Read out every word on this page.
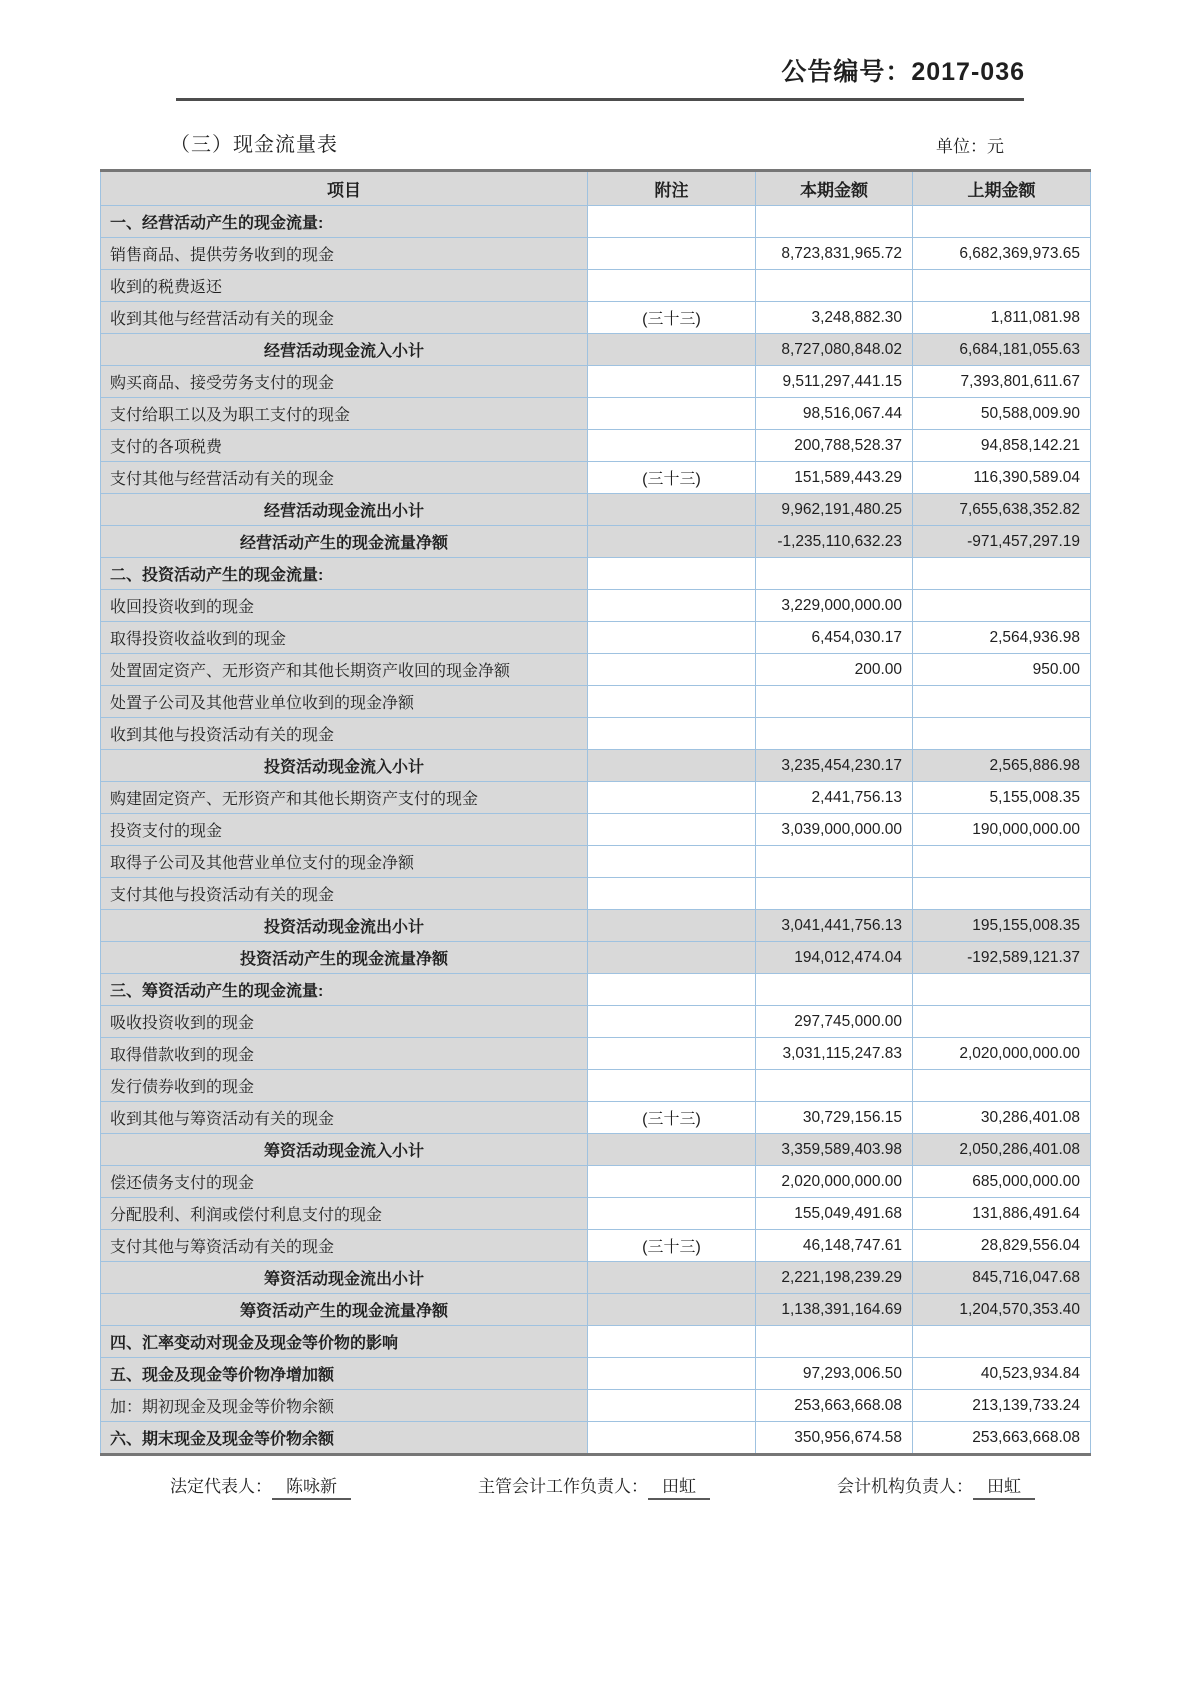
公告编号：2017-036
（三）现金流量表	单位：元
项目	附注	本期金额	上期金额
一、经营活动产生的现金流量:			
销售商品、提供劳务收到的现金		8,723,831,965.72	6,682,369,973.65
收到的税费返还			
收到其他与经营活动有关的现金	(三十三)	3,248,882.30	1,811,081.98
经营活动现金流入小计		8,727,080,848.02	6,684,181,055.63
购买商品、接受劳务支付的现金		9,511,297,441.15	7,393,801,611.67
支付给职工以及为职工支付的现金		98,516,067.44	50,588,009.90
支付的各项税费		200,788,528.37	94,858,142.21
支付其他与经营活动有关的现金	(三十三)	151,589,443.29	116,390,589.04
经营活动现金流出小计		9,962,191,480.25	7,655,638,352.82
经营活动产生的现金流量净额		-1,235,110,632.23	-971,457,297.19
二、投资活动产生的现金流量:			
收回投资收到的现金		3,229,000,000.00	
取得投资收益收到的现金		6,454,030.17	2,564,936.98
处置固定资产、无形资产和其他长期资产收回的现金净额		200.00	950.00
处置子公司及其他营业单位收到的现金净额			
收到其他与投资活动有关的现金			
投资活动现金流入小计		3,235,454,230.17	2,565,886.98
购建固定资产、无形资产和其他长期资产支付的现金		2,441,756.13	5,155,008.35
投资支付的现金		3,039,000,000.00	190,000,000.00
取得子公司及其他营业单位支付的现金净额			
支付其他与投资活动有关的现金			
投资活动现金流出小计		3,041,441,756.13	195,155,008.35
投资活动产生的现金流量净额		194,012,474.04	-192,589,121.37
三、筹资活动产生的现金流量:			
吸收投资收到的现金		297,745,000.00	
取得借款收到的现金		3,031,115,247.83	2,020,000,000.00
发行债券收到的现金			
收到其他与筹资活动有关的现金	(三十三)	30,729,156.15	30,286,401.08
筹资活动现金流入小计		3,359,589,403.98	2,050,286,401.08
偿还债务支付的现金		2,020,000,000.00	685,000,000.00
分配股利、利润或偿付利息支付的现金		155,049,491.68	131,886,491.64
支付其他与筹资活动有关的现金	(三十三)	46,148,747.61	28,829,556.04
筹资活动现金流出小计		2,221,198,239.29	845,716,047.68
筹资活动产生的现金流量净额		1,138,391,164.69	1,204,570,353.40
四、汇率变动对现金及现金等价物的影响			
五、现金及现金等价物净增加额		97,293,006.50	40,523,934.84
加：期初现金及现金等价物余额		253,663,668.08	213,139,733.24
六、期末现金及现金等价物余额		350,956,674.58	253,663,668.08
法定代表人： 陈咏新	主管会计工作负责人： 田虹	会计机构负责人： 田虹
